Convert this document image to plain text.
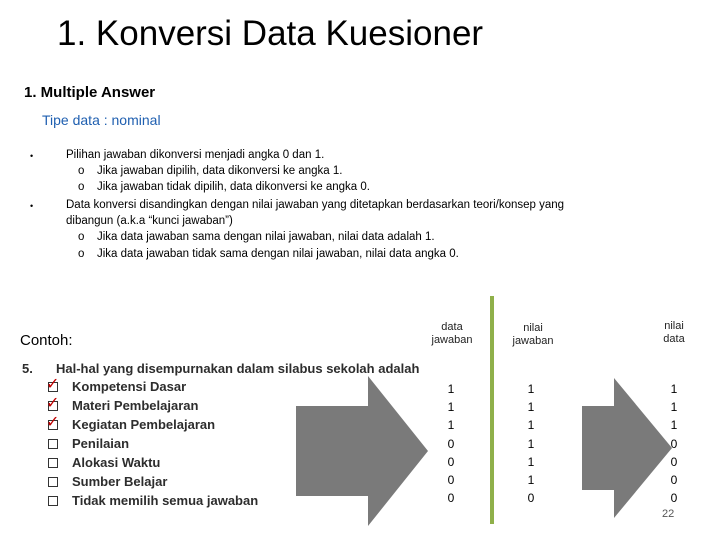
1. Konversi Data Kuesioner
1. Multiple Answer
Tipe data : nominal
•	Pilihan jawaban dikonversi menjadi angka 0 dan 1.
o Jika jawaban dipilih, data dikonversi ke angka 1.
o Jika jawaban tidak dipilih, data dikonversi ke angka 0.
•	Data konversi disandingkan dengan nilai jawaban yang ditetapkan berdasarkan teori/konsep yang
dibangun (a.k.a “kunci jawaban”)
o Jika data jawaban sama dengan nilai jawaban, nilai data adalah 1.
o Jika data jawaban tidak sama dengan nilai jawaban, nilai data angka 0.
Contoh:
5. Hal-hal yang disempurnakan dalam silabus sekolah adalah
✓ Kompetensi Dasar
✓ Materi Pembelajaran
✓ Kegiatan Pembelajaran
Penilaian
Alokasi Waktu
Sumber Belajar
Tidak memilih semua jawaban
data
jawaban
nilai
jawaban
nilai
data
1
1
1
0
0
0
0
1
1
1
1
1
1
0
1
1
1
0
0
0
0
22
